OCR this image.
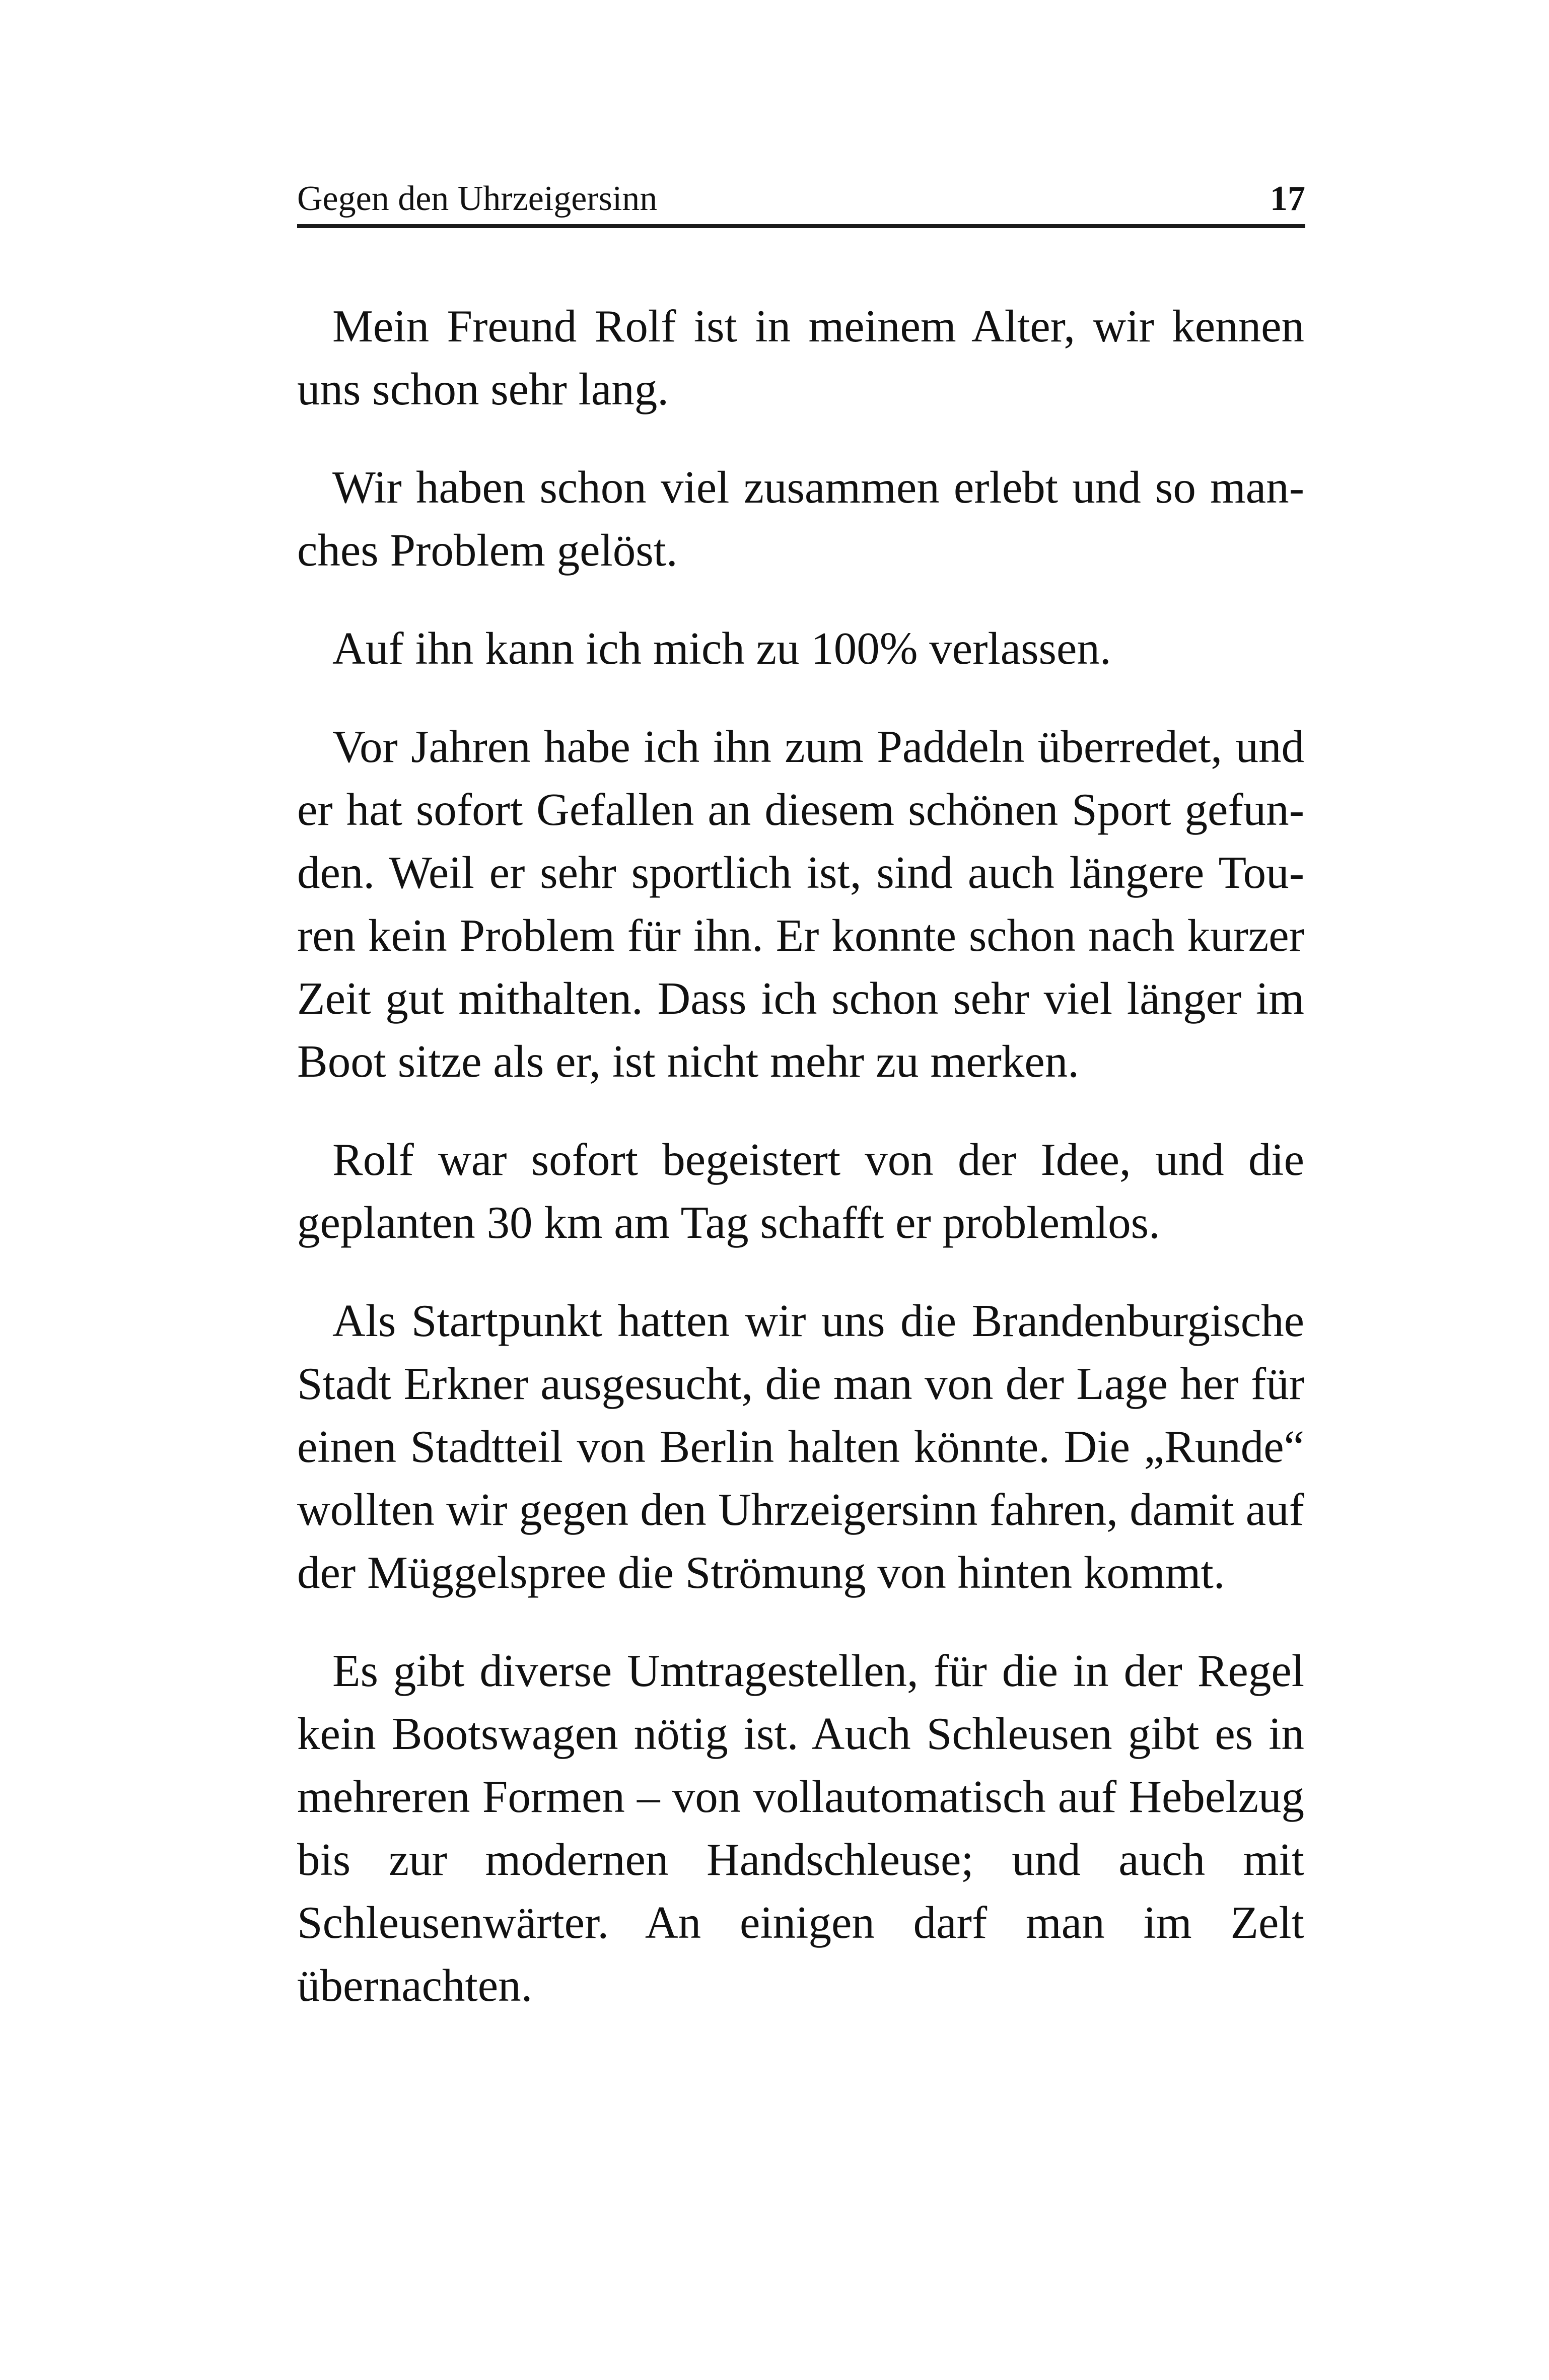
Gegen den Uhrzeigersinn	17

Mein Freund Rolf ist in meinem Alter, wir kennen uns schon sehr lang.

Wir haben schon viel zusammen erlebt und so manches Problem gelöst.

Auf ihn kann ich mich zu 100% verlassen.

Vor Jahren habe ich ihn zum Paddeln überredet, und er hat sofort Gefallen an diesem schönen Sport gefunden. Weil er sehr sportlich ist, sind auch längere Touren kein Problem für ihn. Er konnte schon nach kurzer Zeit gut mithalten. Dass ich schon sehr viel länger im Boot sitze als er, ist nicht mehr zu merken.

Rolf war sofort begeistert von der Idee, und die geplanten 30 km am Tag schafft er problemlos.

Als Startpunkt hatten wir uns die Brandenburgische Stadt Erkner ausgesucht, die man von der Lage her für einen Stadtteil von Berlin halten könnte. Die „Runde“ wollten wir gegen den Uhrzeigersinn fahren, damit auf der Müggelspree die Strömung von hinten kommt.

Es gibt diverse Umtragestellen, für die in der Regel kein Bootswagen nötig ist. Auch Schleusen gibt es in mehreren Formen – von vollautomatisch auf Hebelzug bis zur modernen Handschleuse; und auch mit Schleusenwärter. An einigen darf man im Zelt übernachten.
